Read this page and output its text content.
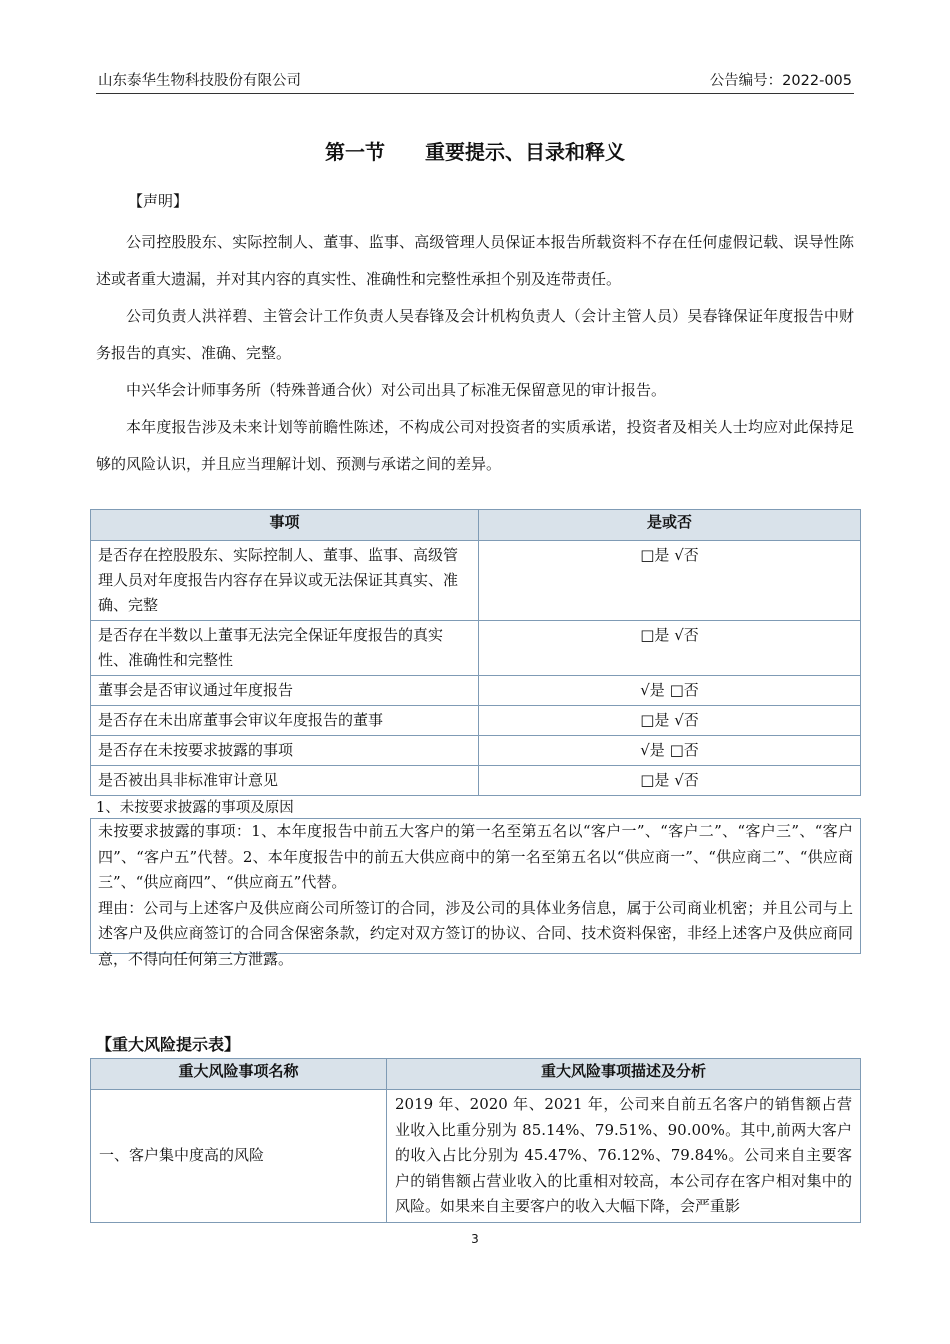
山东泰华生物科技股份有限公司	公告编号：2022-005
第一节 重要提示、目录和释义
【声明】

公司控股股东、实际控制人、董事、监事、高级管理人员保证本报告所载资料不存在任何虚假记载、误导性陈述或者重大遗漏，并对其内容的真实性、准确性和完整性承担个别及连带责任。

公司负责人洪祥碧、主管会计工作负责人吴春锋及会计机构负责人（会计主管人员）吴春锋保证年度报告中财务报告的真实、准确、完整。

中兴华会计师事务所（特殊普通合伙）对公司出具了标准无保留意见的审计报告。

本年度报告涉及未来计划等前瞻性陈述，不构成公司对投资者的实质承诺，投资者及相关人士均应对此保持足够的风险认识，并且应当理解计划、预测与承诺之间的差异。

事项	是或否
是否存在控股股东、实际控制人、董事、监事、高级管理人员对年度报告内容存在异议或无法保证其真实、准确、完整	□是 √否
是否存在半数以上董事无法完全保证年度报告的真实性、准确性和完整性	□是 √否
董事会是否审议通过年度报告	√是 □否
是否存在未出席董事会审议年度报告的董事	□是 √否
是否存在未按要求披露的事项	√是 □否
是否被出具非标准审计意见	□是 √否
1、未按要求披露的事项及原因

未按要求披露的事项：1、本年度报告中前五大客户的第一名至第五名以“客户一”、“客户二”、“客户三”、“客户四”、“客户五”代替。2、本年度报告中的前五大供应商中的第一名至第五名以“供应商一”、“供应商二”、“供应商三”、“供应商四”、“供应商五”代替。

理由：公司与上述客户及供应商公司所签订的合同，涉及公司的具体业务信息，属于公司商业机密；并且公司与上述客户及供应商签订的合同含保密条款，约定对双方签订的协议、合同、技术资料保密，非经上述客户及供应商同意，不得向任何第三方泄露。

【重大风险提示表】
重大风险事项名称	重大风险事项描述及分析
一、客户集中度高的风险	2019 年、2020 年、2021 年，公司来自前五名客户的销售额占营业收入比重分别为 85.14%、79.51%、90.00%。其中,前两大客户的收入占比分别为 45.47%、76.12%、79.84%。公司来自主要客户的销售额占营业收入的比重相对较高，本公司存在客户相对集中的风险。如果来自主要客户的收入大幅下降，会严重影
3
